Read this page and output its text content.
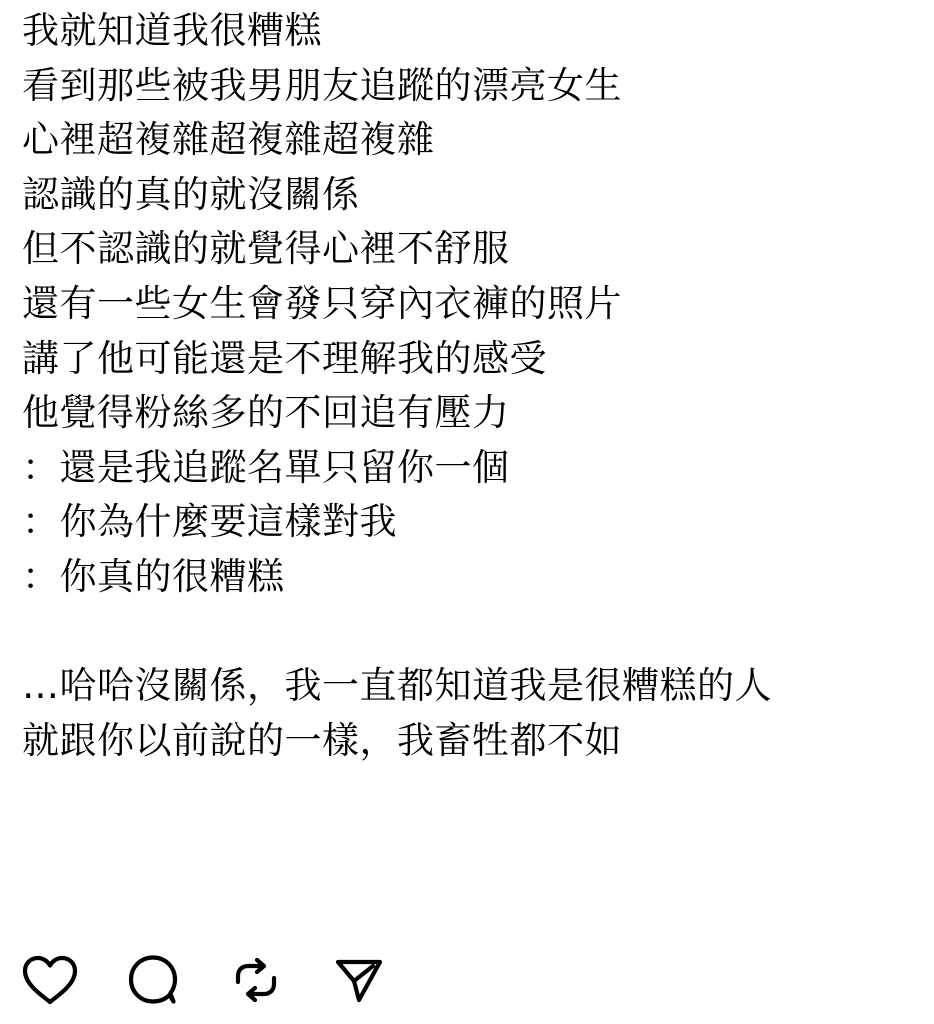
我就知道我很糟糕
看到那些被我男朋友追蹤的漂亮女生
心裡超複雜超複雜超複雜
認識的真的就沒關係
但不認識的就覺得心裡不舒服
還有一些女生會發只穿內衣褲的照片
講了他可能還是不理解我的感受
他覺得粉絲多的不回追有壓力
：還是我追蹤名單只留你一個
：你為什麼要這樣對我
：你真的很糟糕
…哈哈沒關係，我一直都知道我是很糟糕的人
就跟你以前說的一樣，我畜牲都不如
